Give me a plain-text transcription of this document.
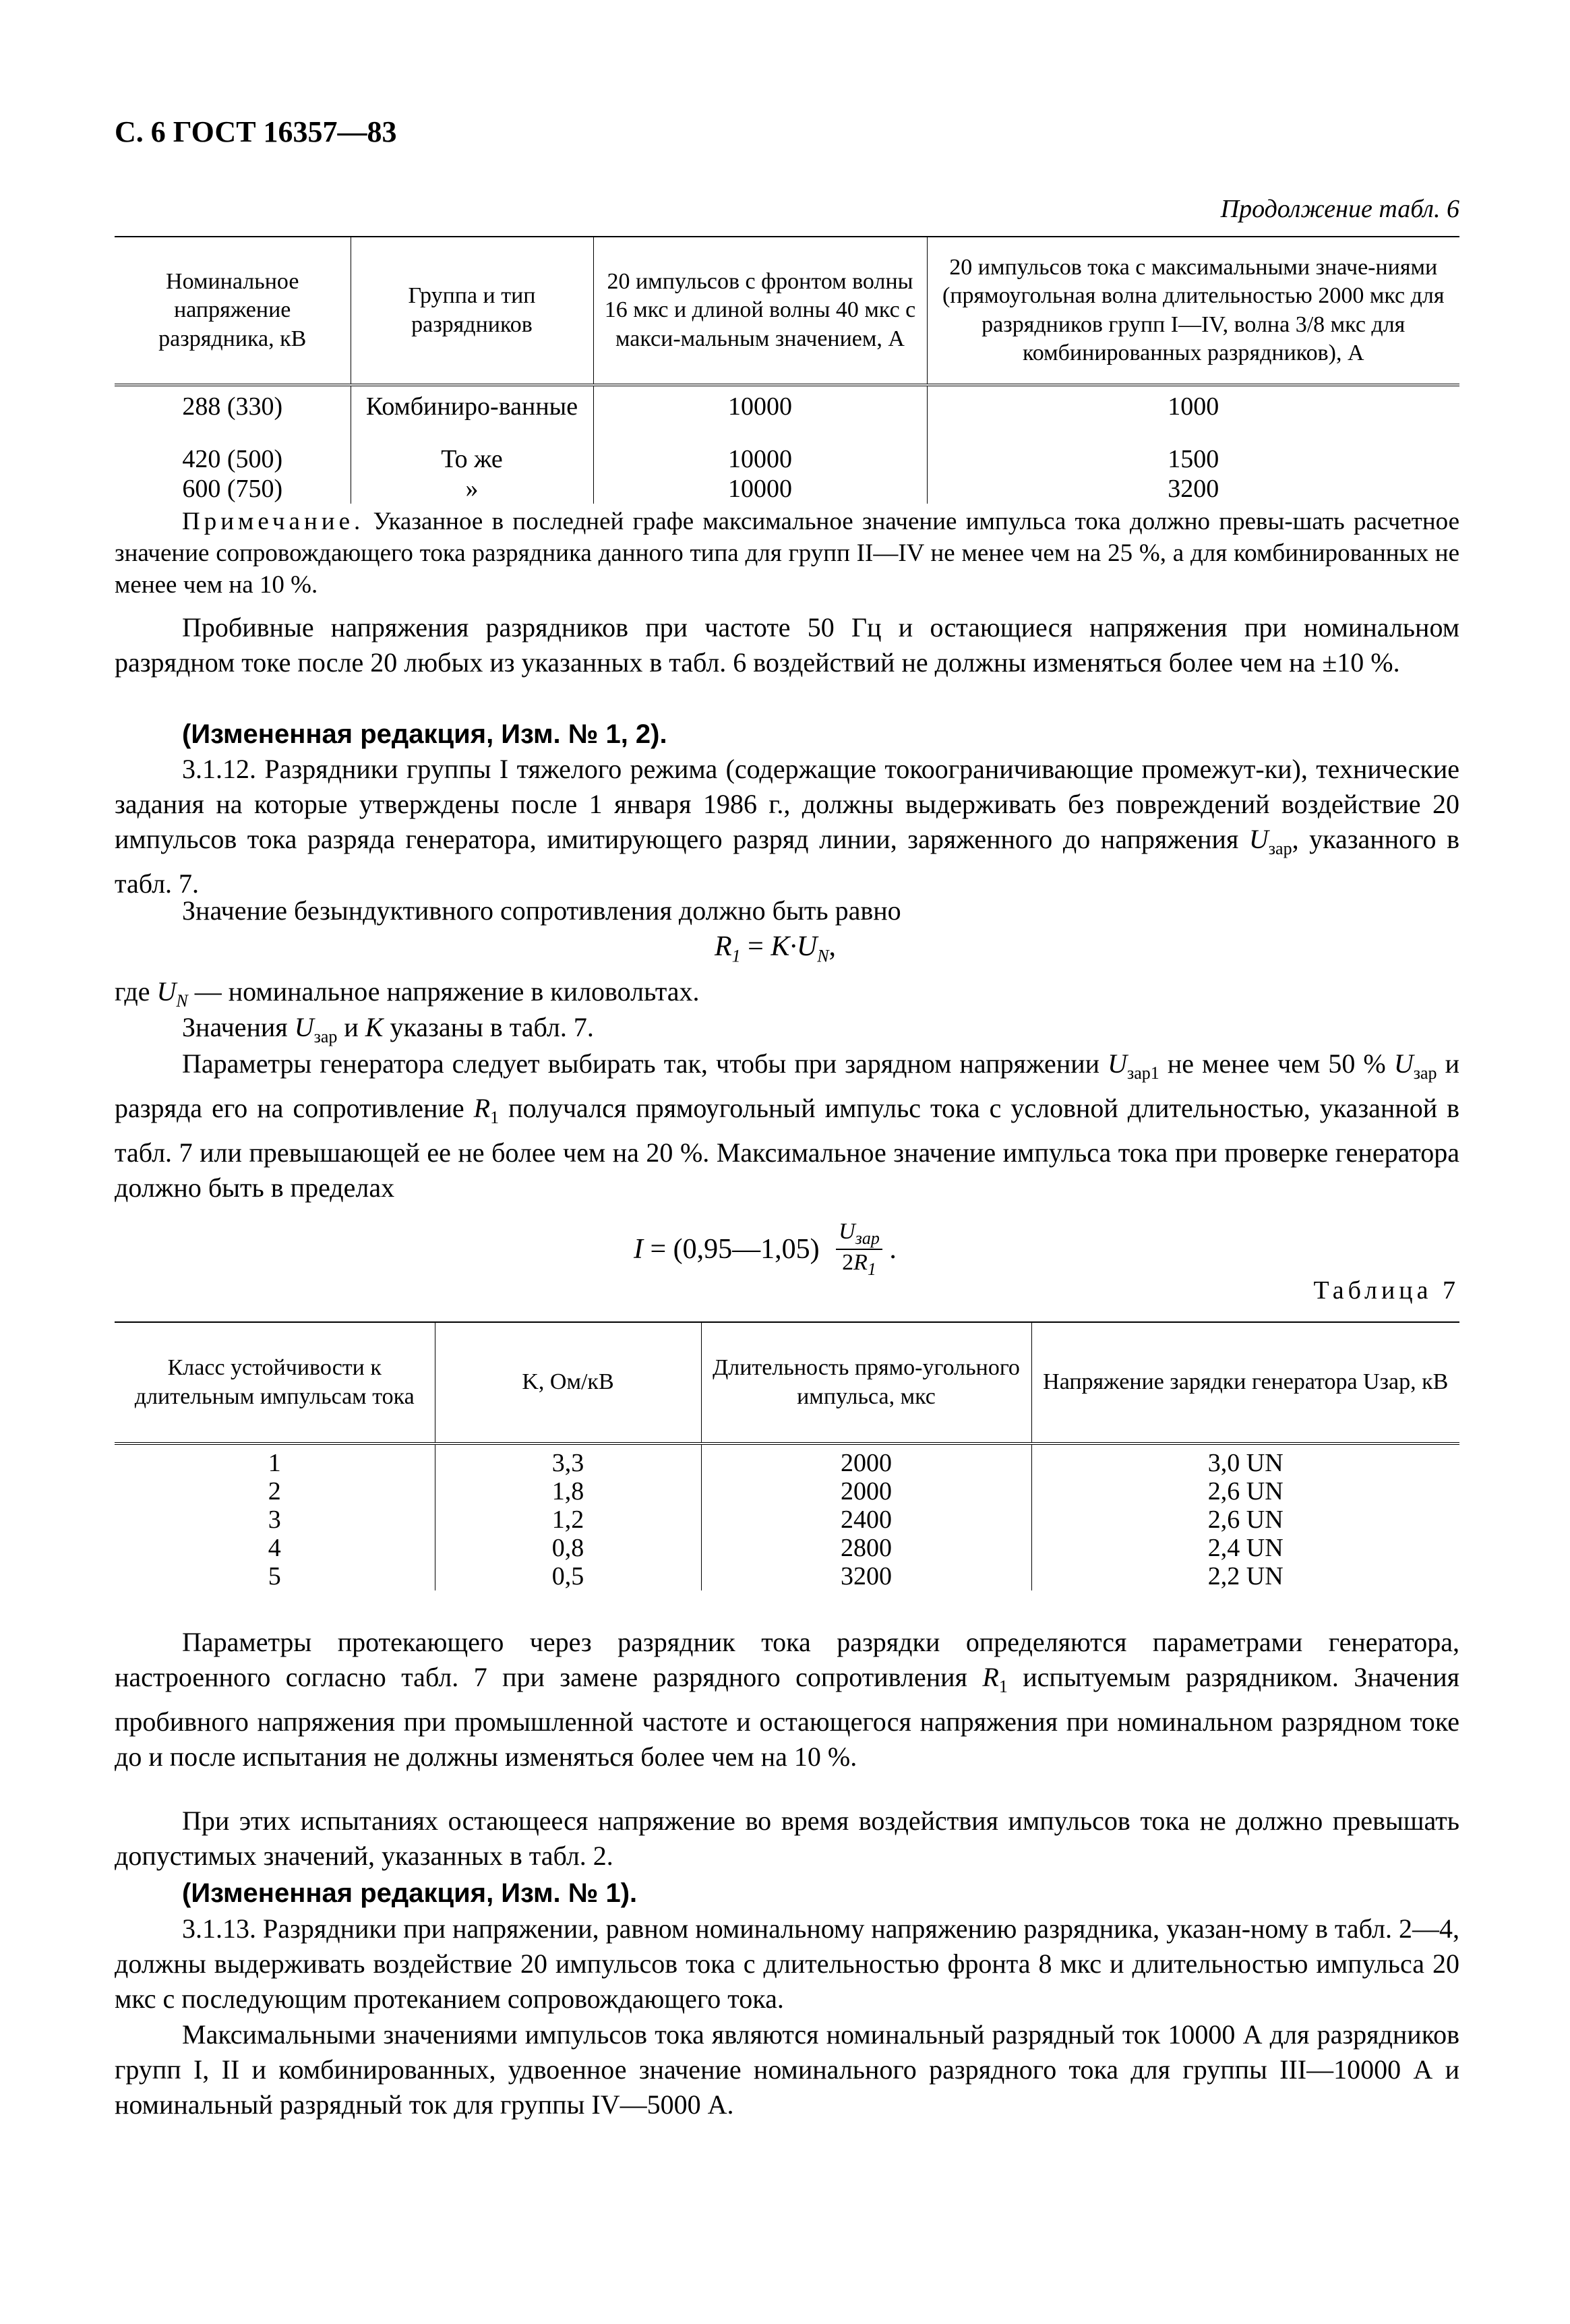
С. 6 ГОСТ 16357—83
Продолжение табл. 6
Номинальное напряжение разрядника, кВ	Группа и тип разрядников	20 импульсов с фронтом волны 16 мкс и длиной волны 40 мкс с макси-мальным значением, А	20 импульсов тока с максимальными значе-ниями (прямоугольная волна длительностью 2000 мкс для разрядников групп I—IV, волна 3/8 мкс для комбинированных разрядников), А
288 (330)	Комбиниро-ванные	10000	1000
420 (500)	То же	10000	1500
600 (750)	»	10000	3200
Примечание. Указанное в последней графе максимальное значение импульса тока должно превы-шать расчетное значение сопровождающего тока разрядника данного типа для групп II—IV не менее чем на 25 %, а для комбинированных не менее чем на 10 %.
Пробивные напряжения разрядников при частоте 50 Гц и остающиеся напряжения при номинальном разрядном токе после 20 любых из указанных в табл. 6 воздействий не должны изменяться более чем на ±10 %.
(Измененная редакция, Изм. № 1, 2).
3.1.12. Разрядники группы I тяжелого режима (содержащие токоограничивающие промежут-ки), технические задания на которые утверждены после 1 января 1986 г., должны выдерживать без повреждений воздействие 20 импульсов тока разряда генератора, имитирующего разряд линии, заряженного до напряжения $U_{зар}$, указанного в табл. 7.
Значение безындуктивного сопротивления должно быть равно
$R_1 = K\cdot U_N$,
где $U_N$ — номинальное напряжение в киловольтах.
Значения $U_{зар}$ и K указаны в табл. 7.
Параметры генератора следует выбирать так, чтобы при зарядном напряжении $U_{зар1}$ не менее чем 50 % $U_{зар}$ и разряда его на сопротивление $R_1$ получался прямоугольный импульс тока с условной длительностью, указанной в табл. 7 или превышающей ее не более чем на 20 %. Максимальное значение импульса тока при проверке генератора должно быть в пределах
I = (0,95—1,05)
$U_{зар}$
$2R_1$
.
Таблица 7
Класс устойчивости к длительным импульсам тока	K, Ом/кВ	Длительность прямо-угольного импульса, мкс	Напряжение зарядки генератора Uзар, кВ
1	3,3	2000	3,0 UN
2	1,8	2000	2,6 UN
3	1,2	2400	2,6 UN
4	0,8	2800	2,4 UN
5	0,5	3200	2,2 UN
Параметры протекающего через разрядник тока разрядки определяются параметрами генератора, настроенного согласно табл. 7 при замене разрядного сопротивления $R_1$ испытуемым разрядником. Значения пробивного напряжения при промышленной частоте и остающегося напряжения при номинальном разрядном токе до и после испытания не должны изменяться более чем на 10 %.
При этих испытаниях остающееся напряжение во время воздействия импульсов тока не должно превышать допустимых значений, указанных в табл. 2.
(Измененная редакция, Изм. № 1).
3.1.13. Разрядники при напряжении, равном номинальному напряжению разрядника, указан-ному в табл. 2—4, должны выдерживать воздействие 20 импульсов тока с длительностью фронта 8 мкс и длительностью импульса 20 мкс с последующим протеканием сопровождающего тока.
Максимальными значениями импульсов тока являются номинальный разрядный ток 10000 А для разрядников групп I, II и комбинированных, удвоенное значение номинального разрядного тока для группы III—10000 А и номинальный разрядный ток для группы IV—5000 А.
